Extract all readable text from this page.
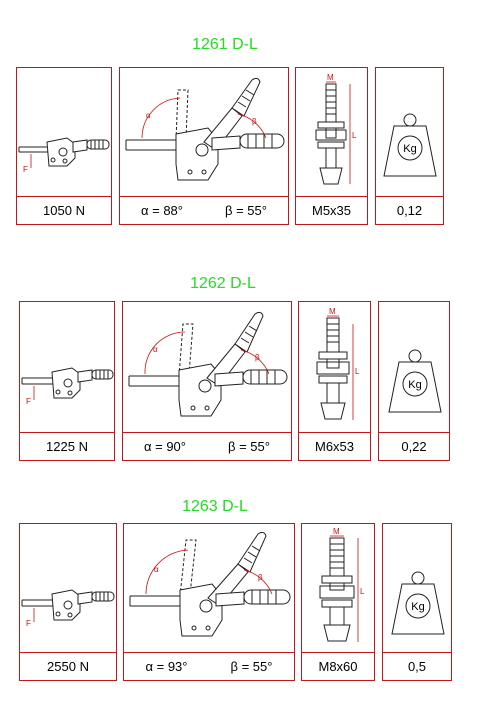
1261 D-L
F
1050 N
α
β
α = 88°	β = 55°
M
L
M5x35
Kg
0,12
1262 D-L
F
1225 N
α
β
α = 90°	β = 55°
M
L
M6x53
Kg
0,22
1263 D-L
F
2550 N
α
β
α = 93°	β = 55°
M
L
M8x60
Kg
0,5
